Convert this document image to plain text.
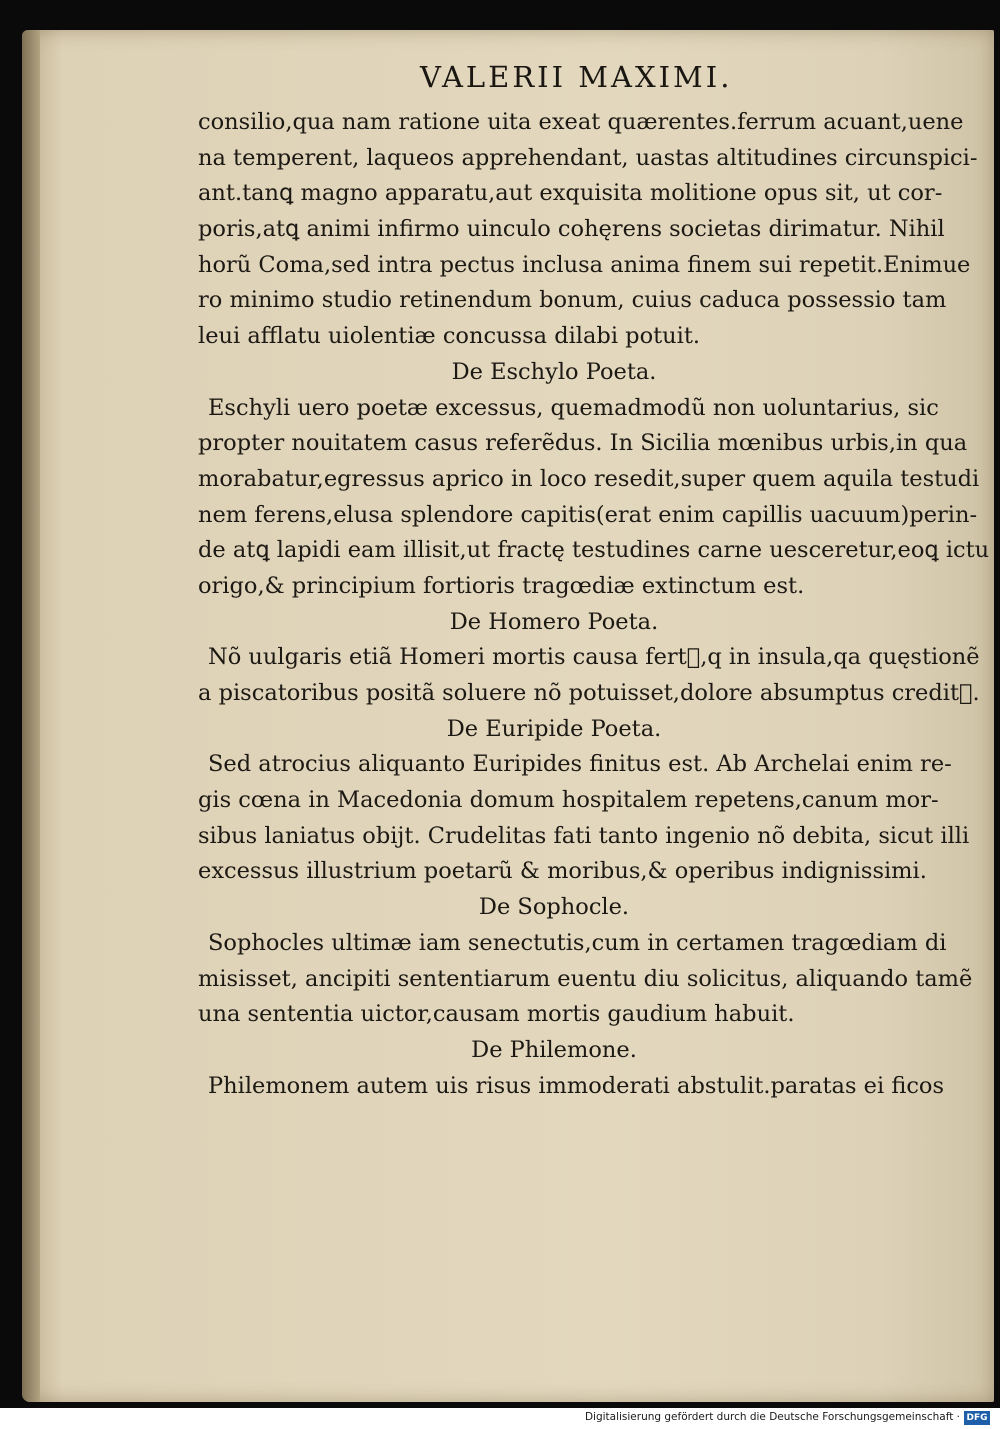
VALERII MAXIMI.
consilio,qua nam ratione uita exeat quærentes.ferrum acuant,uene
na temperent, laqueos apprehendant, uastas altitudines circunspici-
ant.tanꝗ magno apparatu,aut exquisita molitione opus sit, ut cor-
poris,atꝗ animi infirmo uinculo cohęrens societas dirimatur. Nihil
horũ Coma,sed intra pectus inclusa anima finem sui repetit.Enimue
ro minimo studio retinendum bonum, cuius caduca possessio tam
leui afflatu uiolentiæ concussa dilabi potuit.
De Eschylo Poeta.
Eschyli uero poetæ excessus, quemadmodũ non uoluntarius, sic
propter nouitatem casus referẽdus. In Sicilia mœnibus urbis,in qua
morabatur,egressus aprico in loco resedit,super quem aquila testudi
nem ferens,elusa splendore capitis(erat enim capillis uacuum)perin-
de atꝗ lapidi eam illisit,ut fractę testudines carne uesceretur,eoꝗ ictu
origo,& principium fortioris tragœdiæ extinctum est.
De Homero Poeta.
Nõ uulgaris etiã Homeri mortis causa fertᷓ,q in insula,qa quęstionẽ
a piscatoribus positã soluere nõ potuisset,dolore absumptus creditᷓ.
De Euripide Poeta.
Sed atrocius aliquanto Euripides finitus est. Ab Archelai enim re-
gis cœna in Macedonia domum hospitalem repetens,canum mor-
sibus laniatus obijt. Crudelitas fati tanto ingenio nõ debita, sicut illi
excessus illustrium poetarũ & moribus,& operibus indignissimi.
De Sophocle.
Sophocles ultimæ iam senectutis,cum in certamen tragœdiam di
misisset, ancipiti sententiarum euentu diu solicitus, aliquando tamẽ
una sententia uictor,causam mortis gaudium habuit.
De Philemone.
Philemonem autem uis risus immoderati abstulit.paratas ei ficos
Digitalisierung gefördert durch die Deutsche Forschungsgemeinschaft · DFG
